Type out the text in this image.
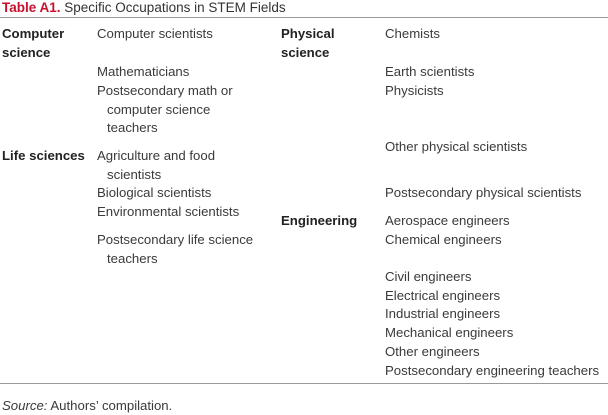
Table A1. Specific Occupations in STEM Fields
Computer
science
Computer scientists
Mathematicians
Postsecondary math or
computer science
teachers
Life sciences Agriculture and food
scientists
Biological scientists
Environmental scientists
Postsecondary life science
teachers
Physical
science
Chemists
Earth scientists
Physicists
Other physical scientists
Postsecondary physical scientists
Engineering Aerospace engineers
Chemical engineers
Civil engineers
Electrical engineers
Industrial engineers
Mechanical engineers
Other engineers
Postsecondary engineering teachers
Source: Authors’ compilation.
